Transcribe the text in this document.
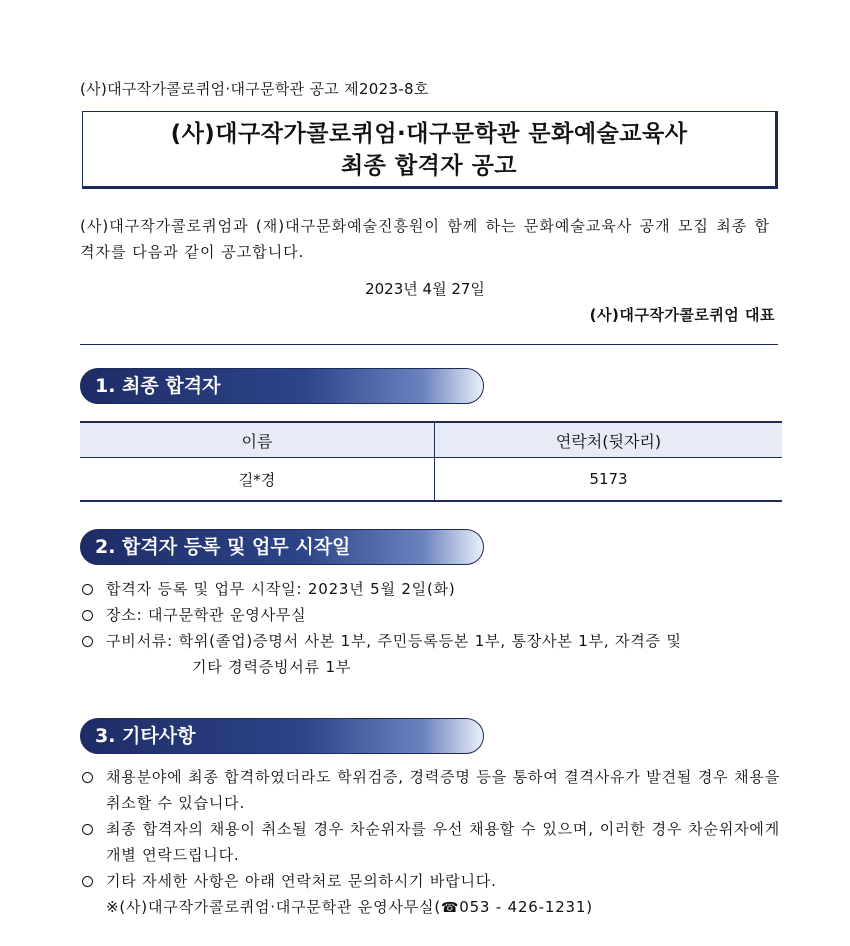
(사)대구작가콜로퀴엄·대구문학관 공고 제2023-8호
(사)대구작가콜로퀴엄·대구문학관 문화예술교육사
최종 합격자 공고
(사)대구작가콜로퀴엄과 (재)대구문화예술진흥원이 함께 하는 문화예술교육사 공개 모집 최종 합격자를 다음과 같이 공고합니다.
2023년 4월 27일
(사)대구작가콜로퀴엄 대표
1. 최종 합격자
이름	연락처(뒷자리)
길*경	5173
2. 합격자 등록 및 업무 시작일
합격자 등록 및 업무 시작일: 2023년 5월 2일(화)
장소: 대구문학관 운영사무실
구비서류: 학위(졸업)증명서 사본 1부, 주민등록등본 1부, 통장사본 1부, 자격증 및
기타 경력증빙서류 1부
3. 기타사항
채용분야에 최종 합격하였더라도 학위검증, 경력증명 등을 통하여 결격사유가 발견될 경우 채용을 취소할 수 있습니다.
최종 합격자의 채용이 취소될 경우 차순위자를 우선 채용할 수 있으며, 이러한 경우 차순위자에게 개별 연락드립니다.
기타 자세한 사항은 아래 연락처로 문의하시기 바랍니다.
※(사)대구작가콜로퀴엄·대구문학관 운영사무실(☎053 - 426-1231)
